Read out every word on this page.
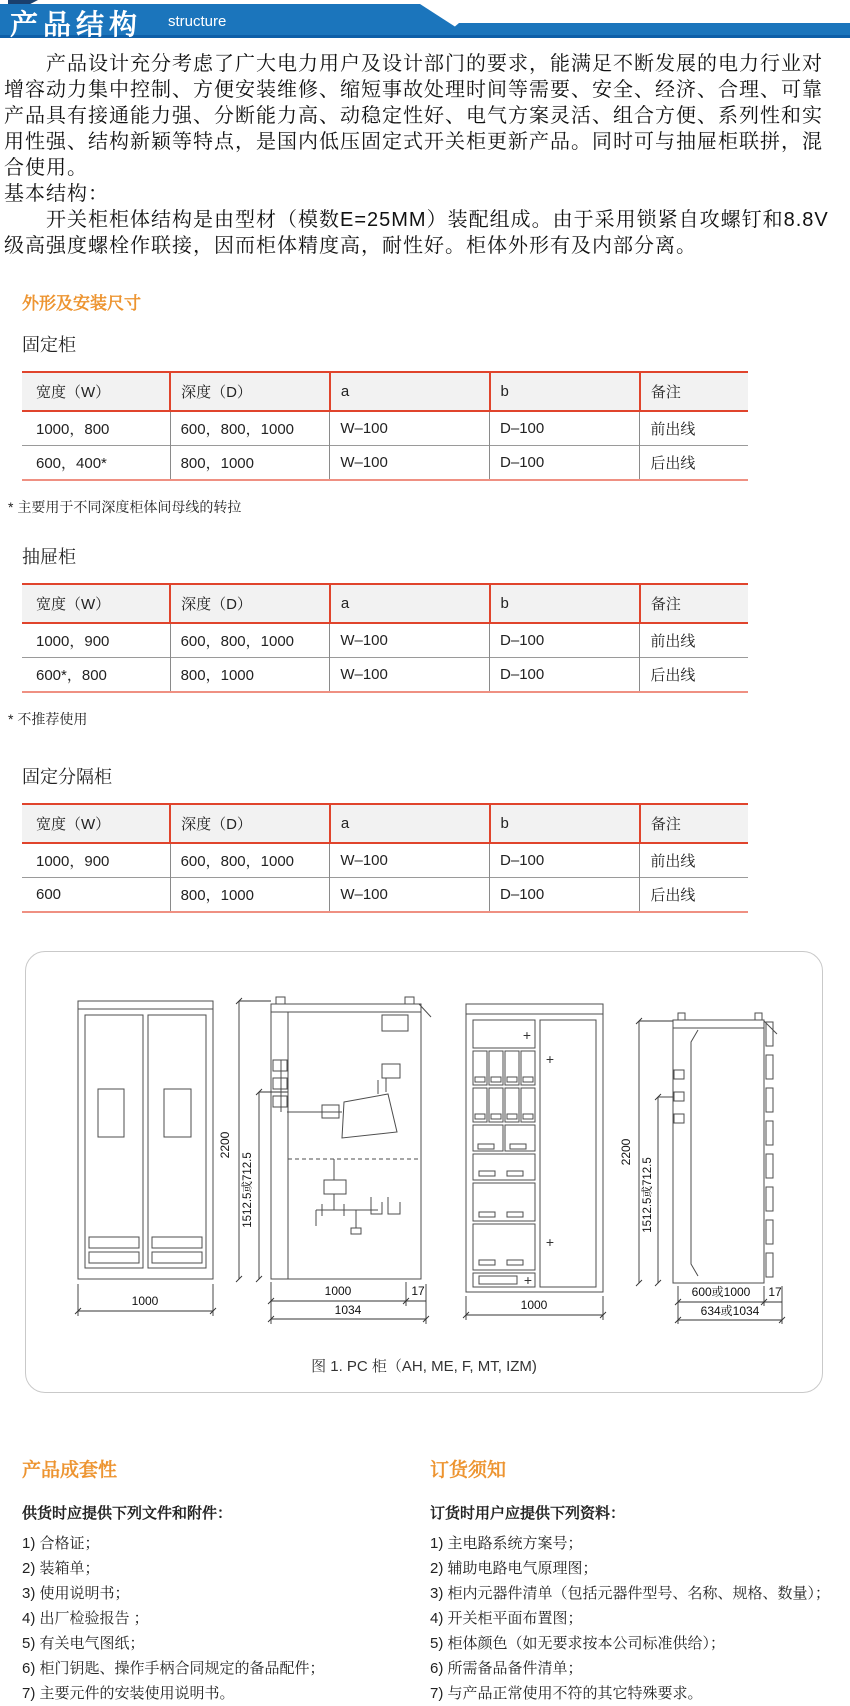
产品结构 structure
　　产品设计充分考虑了广大电力用户及设计部门的要求，能满足不断发展的电力行业对
增容动力集中控制、方便安装维修、缩短事故处理时间等需要、安全、经济、合理、可靠
产品具有接通能力强、分断能力高、动稳定性好、电气方案灵活、组合方便、系列性和实
用性强、结构新颖等特点，是国内低压固定式开关柜更新产品。同时可与抽屉柜联拼，混
合使用。
基本结构：
　　开关柜柜体结构是由型材（模数E=25MM）装配组成。由于采用锁紧自攻螺钉和8.8V
级高强度螺栓作联接，因而柜体精度高，耐性好。柜体外形有及内部分离。
外形及安装尺寸
固定柜
宽度（W）	深度（D）	a	b	备注
1000，800	600，800，1000	W–100	D–100	前出线
600，400*	800，1000	W–100	D–100	后出线
* 主要用于不同深度柜体间母线的转拉
抽屉柜
宽度（W）	深度（D）	a	b	备注
1000，900	600，800，1000	W–100	D–100	前出线
600*，800	800，1000	W–100	D–100	后出线
* 不推荐使用
固定分隔柜
宽度（W）	深度（D）	a	b	备注
1000，900	600，800，1000	W–100	D–100	前出线
600	800，1000	W–100	D–100	后出线
1000
2200
1512.5或712.5
1000	17
1034
+
+
+
+
1000
2200
1512.5或712.5
600或1000 17
634或1034
图 1. PC 柜（AH, ME, F, MT, IZM)
产品成套性
供货时应提供下列文件和附件：
1) 合格证；
2) 装箱单；
3) 使用说明书；
4) 出厂检验报告 ；
5) 有关电气图纸；
6) 柜门钥匙、操作手柄合同规定的备品配件；
7) 主要元件的安装使用说明书。
订货须知
订货时用户应提供下列资料：
1) 主电路系统方案号；
2) 辅助电路电气原理图；
3) 柜内元器件清单（包括元器件型号、名称、规格、数量）；
4) 开关柜平面布置图；
5) 柜体颜色（如无要求按本公司标准供给）；
6) 所需备品备件清单；
7) 与产品正常使用不符的其它特殊要求。
